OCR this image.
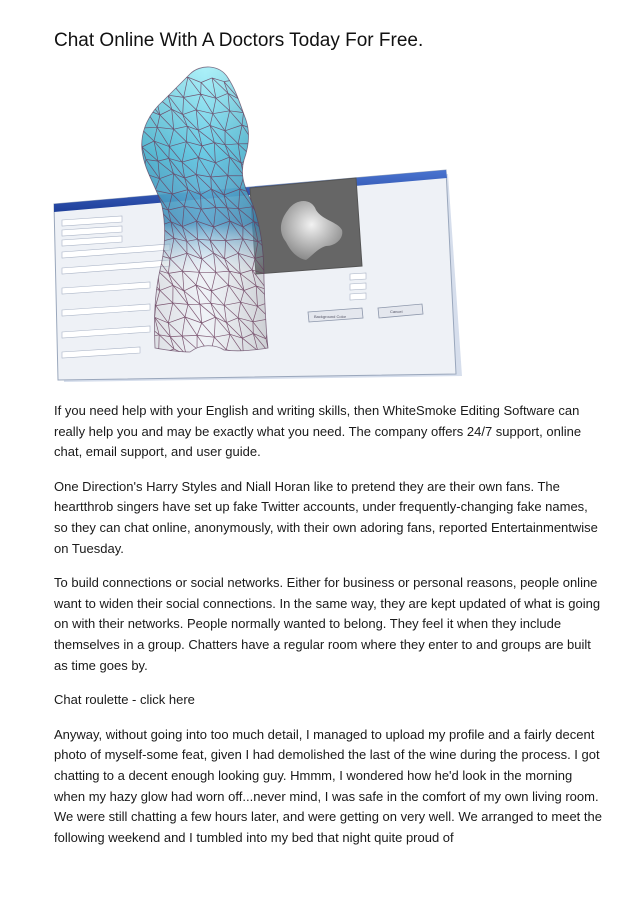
Chat Online With A Doctors Today For Free.
Background Color
Cancel

If you need help with your English and writing skills, then WhiteSmoke Editing Software can really help you and may be exactly what you need. The company offers 24/7 support, online chat, email support, and user guide.

One Direction's Harry Styles and Niall Horan like to pretend they are their own fans. The heartthrob singers have set up fake Twitter accounts, under frequently-changing fake names, so they can chat online, anonymously, with their own adoring fans, reported Entertainmentwise on Tuesday.

To build connections or social networks. Either for business or personal reasons, people online want to widen their social connections. In the same way, they are kept updated of what is going on with their networks. People normally wanted to belong. They feel it when they include themselves in a group. Chatters have a regular room where they enter to and groups are built as time goes by.

Chat roulette - click here

Anyway, without going into too much detail, I managed to upload my profile and a fairly decent photo of myself-some feat, given I had demolished the last of the wine during the process. I got chatting to a decent enough looking guy. Hmmm, I wondered how he'd look in the morning when my hazy glow had worn off...never mind, I was safe in the comfort of my own living room. We were still chatting a few hours later, and were getting on very well. We arranged to meet the following weekend and I tumbled into my bed that night quite proud of
